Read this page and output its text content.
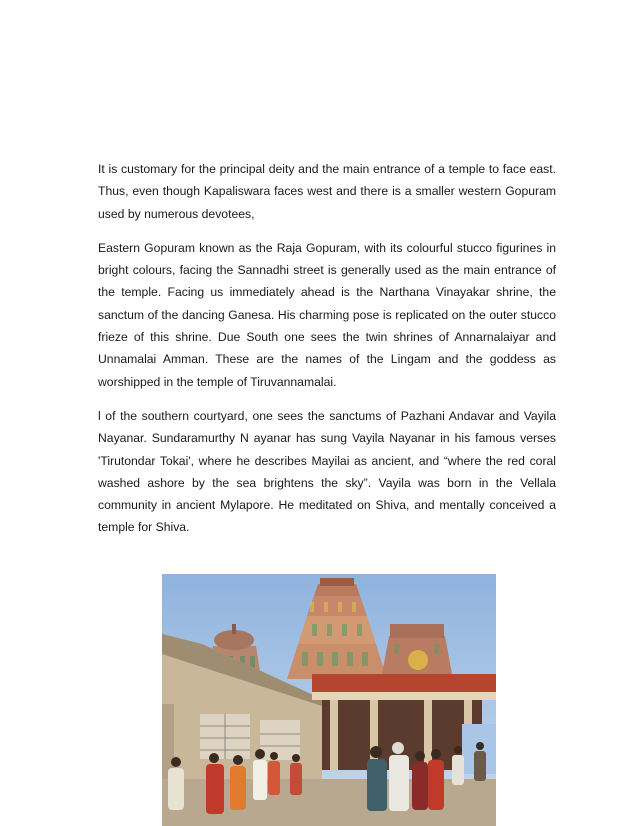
It is customary for the principal deity and the main entrance of a temple to face east. Thus, even though Kapaliswara faces west and there is a smaller western Gopuram used by numerous devotees,

Eastern Gopuram known as the Raja Gopuram, with its colourful stucco figurines in bright colours, facing the Sannadhi street is generally used as the main entrance of the temple. Facing us immediately ahead is the Narthana Vinayakar shrine, the sanctum of the dancing Ganesa. His charming pose is replicated on the outer stucco frieze of this shrine. Due South one sees the twin shrines of Annarnalaiyar and Unnamalai Amman. These are the names of the Lingam and the goddess as worshipped in the temple of Tiruvannamalai.

l of the southern courtyard, one sees the sanctums of Pazhani Andavar and Vayila Nayanar. Sundaramurthy N ayanar has sung Vayila Nayanar in his famous verses 'Tirutondar Tokai', where he describes Mayilai as ancient, and “where the red coral washed ashore by the sea brightens the sky”. Vayila was born in the Vellala community in ancient Mylapore. He meditated on Shiva, and mentally conceived a temple for Shiva.
